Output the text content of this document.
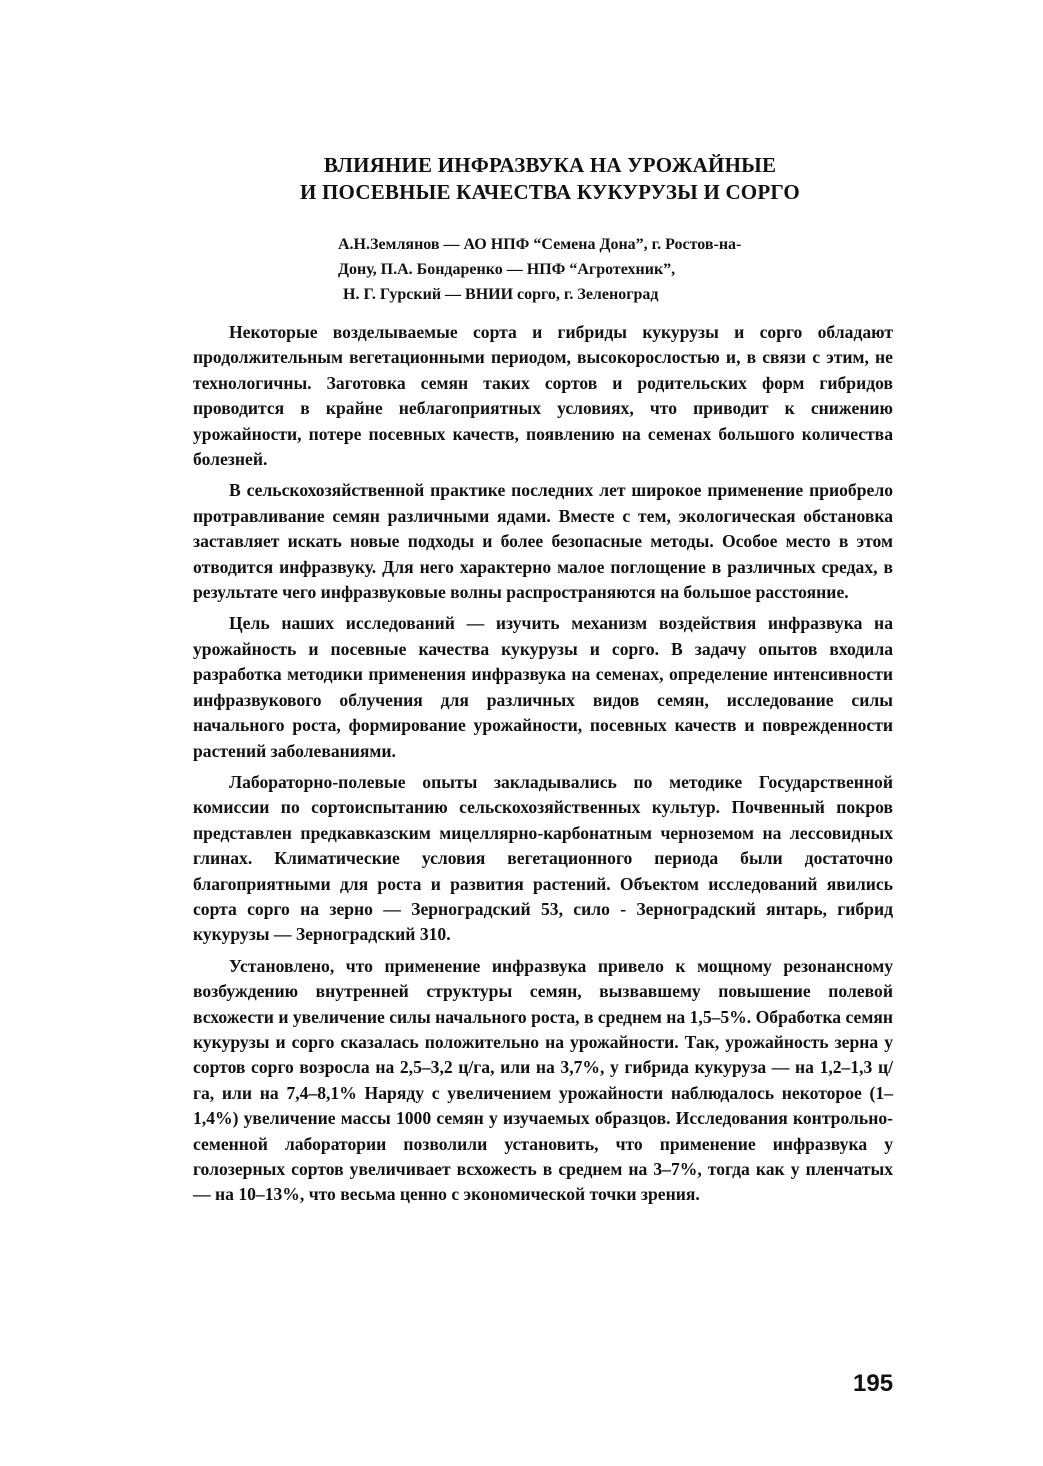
ВЛИЯНИЕ ИНФРАЗВУКА НА УРОЖАЙНЫЕ
И ПОСЕВНЫЕ КАЧЕСТВА КУКУРУЗЫ И СОРГО
А.Н.Землянов — АО НПФ “Семена Дона”, г. Ростов-на-
Дону, П.А. Бондаренко — НПФ “Агротехник”,
Н. Г. Гурский — ВНИИ сорго, г. Зеленоград

Некоторые возделываемые сорта и гибриды кукурузы и сорго обладают продолжительным вегетационными периодом, высокорослостью и, в связи с этим, не технологичны. Заготовка семян таких сортов и родительских форм гибридов проводится в крайне неблагоприятных условиях, что приводит к снижению урожайности, потере посевных качеств, появлению на семенах большого количества болезней.

В сельскохозяйственной практике последних лет широкое применение приобрело протравливание семян различными ядами. Вместе с тем, экологическая обстановка заставляет искать новые подходы и более безопасные методы. Особое место в этом отводится инфразвуку. Для него характерно малое поглощение в различных средах, в результате чего инфразвуковые волны распространяются на большое расстояние.

Цель наших исследований — изучить механизм воздействия инфразвука на урожайность и посевные качества кукурузы и сорго. В задачу опытов входила разработка методики применения инфразвука на семенах, определение интенсивности инфразвукового облучения для различных видов семян, исследование силы начального роста, формирование урожайности, посевных качеств и поврежденности растений заболеваниями.

Лабораторно-полевые опыты закладывались по методике Государственной комиссии по сортоиспытанию сельскохозяйственных культур. Почвенный покров представлен предкавказским мицеллярно-карбонатным черноземом на лессовидных глинах. Климатические условия вегетационного периода были достаточно благоприятными для роста и развития растений. Объектом исследований явились сорта сорго на зерно — Зерноградский 53, сило - Зерноградский янтарь, гибрид кукурузы — Зерноградский 310.

Установлено, что применение инфразвука привело к мощному резонансному возбуждению внутренней структуры семян, вызвавшему повышение полевой всхожести и увеличение силы начального роста, в среднем на 1,5–5%. Обработка семян кукурузы и сорго сказалась положительно на урожайности. Так, урожайность зерна у сортов сорго возросла на 2,5–3,2 ц/га, или на 3,7%, у гибрида кукуруза — на 1,2–1,3 ц/га, или на 7,4–8,1% Наряду с увеличением урожайности наблюдалось некоторое (1–1,4%) увеличение массы 1000 семян у изучаемых образцов. Исследования контрольно-семенной лаборатории позволили установить, что применение инфразвука у голозерных сортов увеличивает всхожесть в среднем на 3–7%, тогда как у пленчатых — на 10–13%, что весьма ценно с экономической точки зрения.

195
